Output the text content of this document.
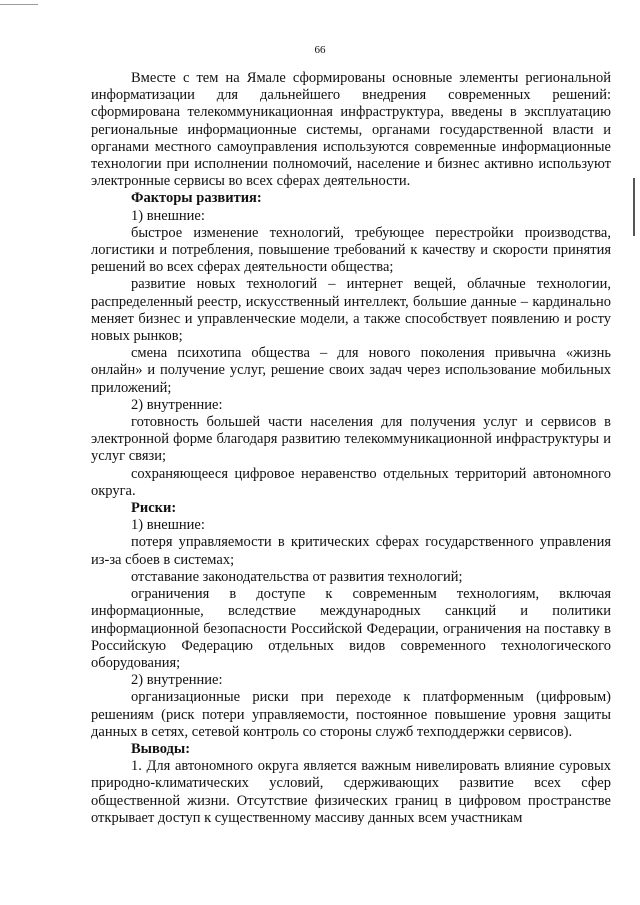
66

Вместе с тем на Ямале сформированы основные элементы региональной информатизации для дальнейшего внедрения современных решений: сформирована телекоммуникационная инфраструктура, введены в эксплуатацию региональные информационные системы, органами государственной власти и органами местного самоуправления используются современные информационные технологии при исполнении полномочий, население и бизнес активно используют электронные сервисы во всех сферах деятельности.

Факторы развития:

1) внешние:

быстрое изменение технологий, требующее перестройки производства, логистики и потребления, повышение требований к качеству и скорости принятия решений во всех сферах деятельности общества;

развитие новых технологий – интернет вещей, облачные технологии, распределенный реестр, искусственный интеллект, большие данные – кардинально меняет бизнес и управленческие модели, а также способствует появлению и росту новых рынков;

смена психотипа общества – для нового поколения привычна «жизнь онлайн» и получение услуг, решение своих задач через использование мобильных приложений;

2) внутренние:

готовность большей части населения для получения услуг и сервисов в электронной форме благодаря развитию телекоммуникационной инфраструктуры и услуг связи;

сохраняющееся цифровое неравенство отдельных территорий автономного округа.

Риски:

1) внешние:

потеря управляемости в критических сферах государственного управления из-за сбоев в системах;

отставание законодательства от развития технологий;

ограничения в доступе к современным технологиям, включая информационные, вследствие международных санкций и политики информационной безопасности Российской Федерации, ограничения на поставку в Российскую Федерацию отдельных видов современного технологического оборудования;

2) внутренние:

организационные риски при переходе к платформенным (цифровым) решениям (риск потери управляемости, постоянное повышение уровня защиты данных в сетях, сетевой контроль со стороны служб техподдержки сервисов).

Выводы:

1. Для автономного округа является важным нивелировать влияние суровых природно-климатических условий, сдерживающих развитие всех сфер общественной жизни. Отсутствие физических границ в цифровом пространстве открывает доступ к существенному массиву данных всем участникам
